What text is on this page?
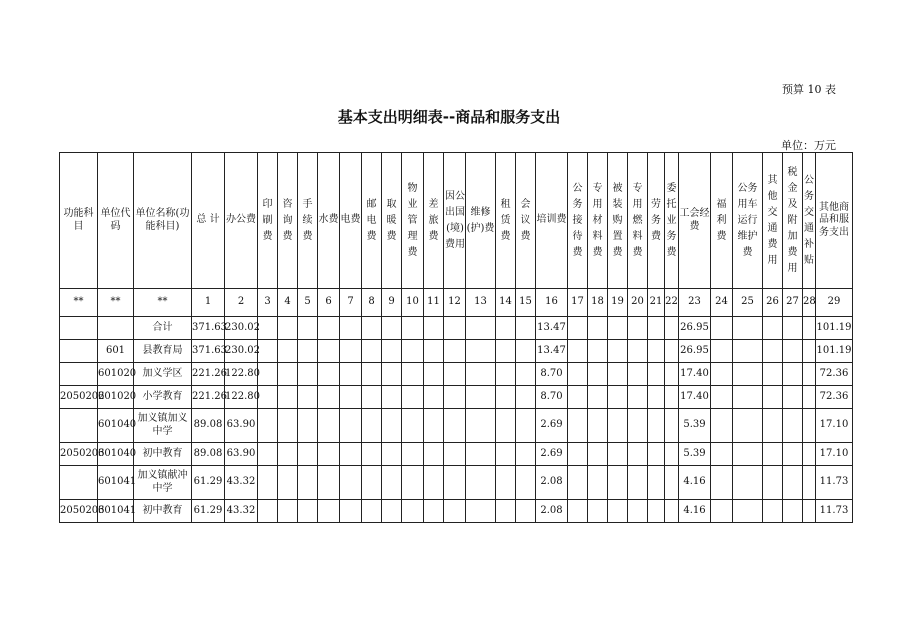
预算 10 表
基本支出明细表--商品和服务支出
单位：万元
功能科目	单位代码	单位名称(功能科目)	总 计	办公费	印刷费	咨询费	手续费	水费	电费	邮电费	取暖费	物业管理费	差旅费	因公出国(境)费用	维修(护)费	租赁费	会议费	培训费	公务接待费	专用材料费	被装购置费	专用燃料费	劳务费	委托业务费	工会经费	福利费	公务用车运行维护费	其他交通费用	税金及附加费用	公务交通补贴	其他商品和服务支出
**	**	**	1	2	3	4	5	6	7	8	9	10	11	12	13	14	15	16	17	18	19	20	21	22	23	24	25	26	27	28	29
		合计	371.63	230.02														13.47							26.95						101.19
	601	县教育局	371.63	230.02														13.47							26.95						101.19
	601020	加义学区	221.26	122.80														8.70							17.40						72.36
2050202	601020	小学教育	221.26	122.80														8.70							17.40						72.36
	601040	加义镇加义中学	89.08	63.90														2.69							5.39						17.10
2050203	601040	初中教育	89.08	63.90														2.69							5.39						17.10
	601041	加义镇献冲中学	61.29	43.32														2.08							4.16						11.73
2050203	601041	初中教育	61.29	43.32														2.08							4.16						11.73
